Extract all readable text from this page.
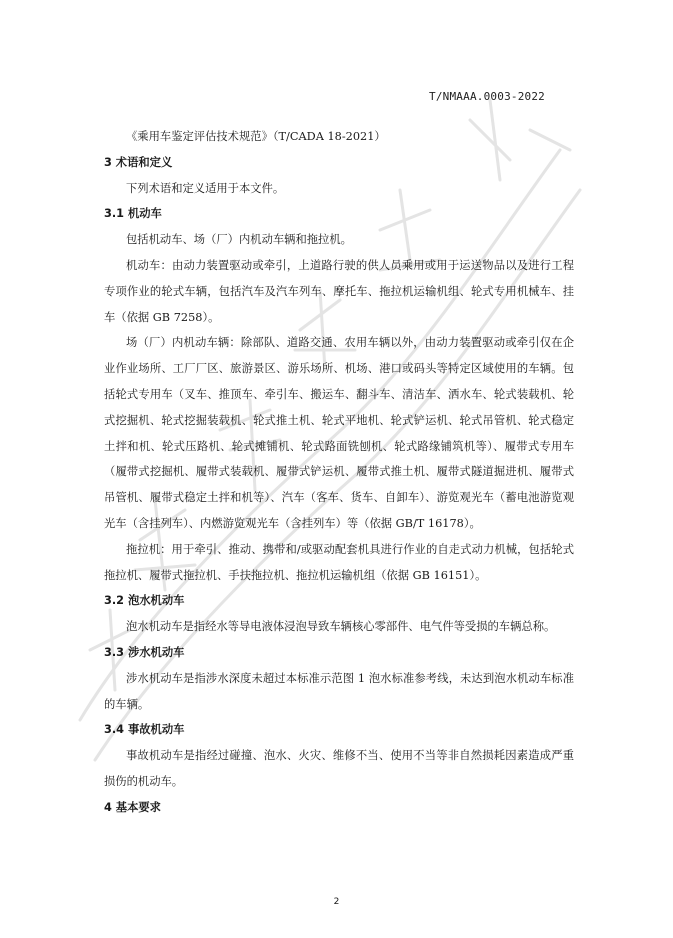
T/NMAAA.0003-2022

《乘用车鉴定评估技术规范》（T/CADA 18-2021）

3 术语和定义

下列术语和定义适用于本文件。

3.1 机动车

包括机动车、场（厂）内机动车辆和拖拉机。

机动车：由动力装置驱动或牵引，上道路行驶的供人员乘用或用于运送物品以及进行工程专项作业的轮式车辆，包括汽车及汽车列车、摩托车、拖拉机运输机组、轮式专用机械车、挂车（依据 GB 7258）。

场（厂）内机动车辆：除部队、道路交通、农用车辆以外，由动力装置驱动或牵引仅在企业作业场所、工厂厂区、旅游景区、游乐场所、机场、港口或码头等特定区域使用的车辆。包括轮式专用车（叉车、推顶车、牵引车、搬运车、翻斗车、清洁车、洒水车、轮式装载机、轮式挖掘机、轮式挖掘装载机、轮式推土机、轮式平地机、轮式铲运机、轮式吊管机、轮式稳定土拌和机、轮式压路机、轮式摊铺机、轮式路面铣刨机、轮式路缘铺筑机等）、履带式专用车（履带式挖掘机、履带式装载机、履带式铲运机、履带式推土机、履带式隧道掘进机、履带式吊管机、履带式稳定土拌和机等）、汽车（客车、货车、自卸车）、游览观光车（蓄电池游览观光车（含挂列车）、内燃游览观光车（含挂列车）等（依据 GB/T 16178）。

拖拉机：用于牵引、推动、携带和/或驱动配套机具进行作业的自走式动力机械，包括轮式拖拉机、履带式拖拉机、手扶拖拉机、拖拉机运输机组（依据 GB 16151）。

3.2 泡水机动车

泡水机动车是指经水等导电液体浸泡导致车辆核心零部件、电气件等受损的车辆总称。

3.3 涉水机动车

涉水机动车是指涉水深度未超过本标准示范图 1 泡水标准参考线，未达到泡水机动车标准的车辆。

3.4 事故机动车

事故机动车是指经过碰撞、泡水、火灾、维修不当、使用不当等非自然损耗因素造成严重损伤的机动车。

4 基本要求

2
